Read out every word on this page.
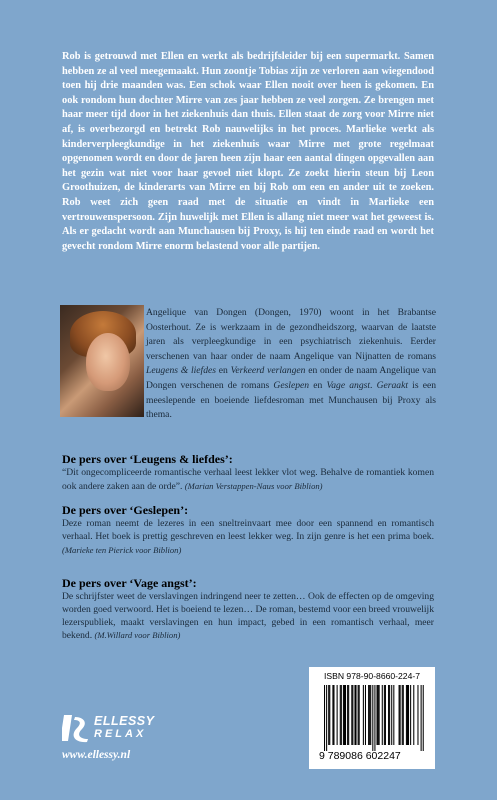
Rob is getrouwd met Ellen en werkt als bedrijfsleider bij een supermarkt. Samen hebben ze al veel meegemaakt. Hun zoontje Tobias zijn ze verloren aan wiegendood toen hij drie maanden was. Een schok waar Ellen nooit over heen is gekomen. En ook rondom hun dochter Mirre van zes jaar hebben ze veel zorgen. Ze brengen met haar meer tijd door in het ziekenhuis dan thuis. Ellen staat de zorg voor Mirre niet af, is overbezorgd en betrekt Rob nauwelijks in het proces. Marlieke werkt als kinderverpleegkundige in het ziekenhuis waar Mirre met grote regelmaat opgenomen wordt en door de jaren heen zijn haar een aantal dingen opgevallen aan het gezin wat niet voor haar gevoel niet klopt. Ze zoekt hierin steun bij Leon Groothuizen, de kinderarts van Mirre en bij Rob om een en ander uit te zoeken. Rob weet zich geen raad met de situatie en vindt in Marlieke een vertrouwenspersoon. Zijn huwelijk met Ellen is allang niet meer wat het geweest is. Als er gedacht wordt aan Munchausen bij Proxy, is hij ten einde raad en wordt het gevecht rondom Mirre enorm belastend voor alle partijen.
Angelique van Dongen (Dongen, 1970) woont in het Brabantse Oosterhout. Ze is werkzaam in de gezondheidszorg, waarvan de laatste jaren als verpleegkundige in een psychiatrisch ziekenhuis. Eerder verschenen van haar onder de naam Angelique van Nijnatten de romans Leugens & liefdes en Verkeerd verlangen en onder de naam Angelique van Dongen verschenen de romans Geslepen en Vage angst. Geraakt is een meeslepende en boeiende liefdesroman met Munchausen bij Proxy als thema.
De pers over ‘Leugens & liefdes’:

“Dit ongecompliceerde romantische verhaal leest lekker vlot weg. Behalve de romantiek komen ook andere zaken aan de orde”. (Marian Verstappen-Naus voor Biblion)

De pers over ‘Geslepen’:

Deze roman neemt de lezeres in een sneltreinvaart mee door een spannend en romantisch verhaal. Het boek is prettig geschreven en leest lekker weg. In zijn genre is het een prima boek. (Marieke ten Pierick voor Biblion)

De pers over ‘Vage angst’:

De schrijfster weet de verslavingen indringend neer te zetten… Ook de effecten op de omgeving worden goed verwoord. Het is boeiend te lezen… De roman, bestemd voor een breed vrouwelijk lezerspubliek, maakt verslavingen en hun impact, gebed in een romantisch verhaal, meer bekend. (M.Willard voor Biblion)

ELLESSY
RELAX
www.ellessy.nl
ISBN 978-90-8660-224-7
9 789086 602247
